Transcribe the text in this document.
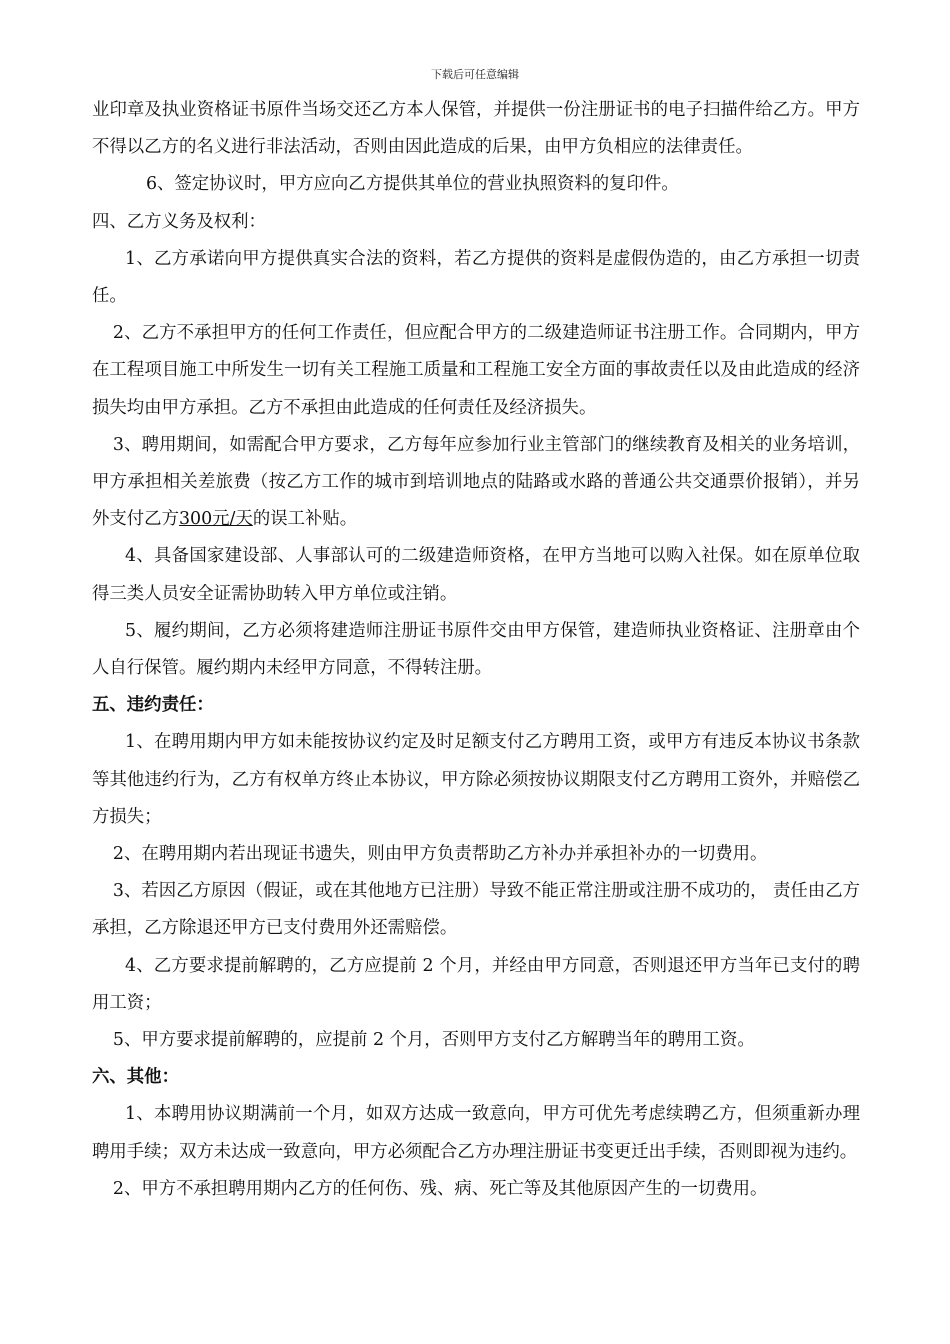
下载后可任意编辑

业印章及执业资格证书原件当场交还乙方本人保管，并提供一份注册证书的电子扫描件给乙方。甲方不得以乙方的名义进行非法活动，否则由因此造成的后果，由甲方负相应的法律责任。

6、签定协议时，甲方应向乙方提供其单位的营业执照资料的复印件。

四、乙方义务及权利：

1、乙方承诺向甲方提供真实合法的资料，若乙方提供的资料是虚假伪造的，由乙方承担一切责任。

2、乙方不承担甲方的任何工作责任，但应配合甲方的二级建造师证书注册工作。合同期内，甲方在工程项目施工中所发生一切有关工程施工质量和工程施工安全方面的事故责任以及由此造成的经济损失均由甲方承担。乙方不承担由此造成的任何责任及经济损失。

3、聘用期间，如需配合甲方要求，乙方每年应参加行业主管部门的继续教育及相关的业务培训，甲方承担相关差旅费（按乙方工作的城市到培训地点的陆路或水路的普通公共交通票价报销），并另外支付乙方300元/天的误工补贴。

4、具备国家建设部、人事部认可的二级建造师资格，在甲方当地可以购入社保。如在原单位取得三类人员安全证需协助转入甲方单位或注销。

5、履约期间，乙方必须将建造师注册证书原件交由甲方保管，建造师执业资格证、注册章由个人自行保管。履约期内未经甲方同意，不得转注册。

五、违约责任：

1、在聘用期内甲方如未能按协议约定及时足额支付乙方聘用工资，或甲方有违反本协议书条款等其他违约行为，乙方有权单方终止本协议，甲方除必须按协议期限支付乙方聘用工资外，并赔偿乙方损失；

2、在聘用期内若出现证书遗失，则由甲方负责帮助乙方补办并承担补办的一切费用。

3、若因乙方原因（假证，或在其他地方已注册）导致不能正常注册或注册不成功的， 责任由乙方承担，乙方除退还甲方已支付费用外还需赔偿。

4、乙方要求提前解聘的，乙方应提前 2 个月，并经由甲方同意，否则退还甲方当年已支付的聘用工资；

5、甲方要求提前解聘的，应提前 2 个月，否则甲方支付乙方解聘当年的聘用工资。

六、其他：

1、本聘用协议期满前一个月，如双方达成一致意向，甲方可优先考虑续聘乙方，但须重新办理聘用手续；双方未达成一致意向，甲方必须配合乙方办理注册证书变更迁出手续，否则即视为违约。

2、甲方不承担聘用期内乙方的任何伤、残、病、死亡等及其他原因产生的一切费用。
